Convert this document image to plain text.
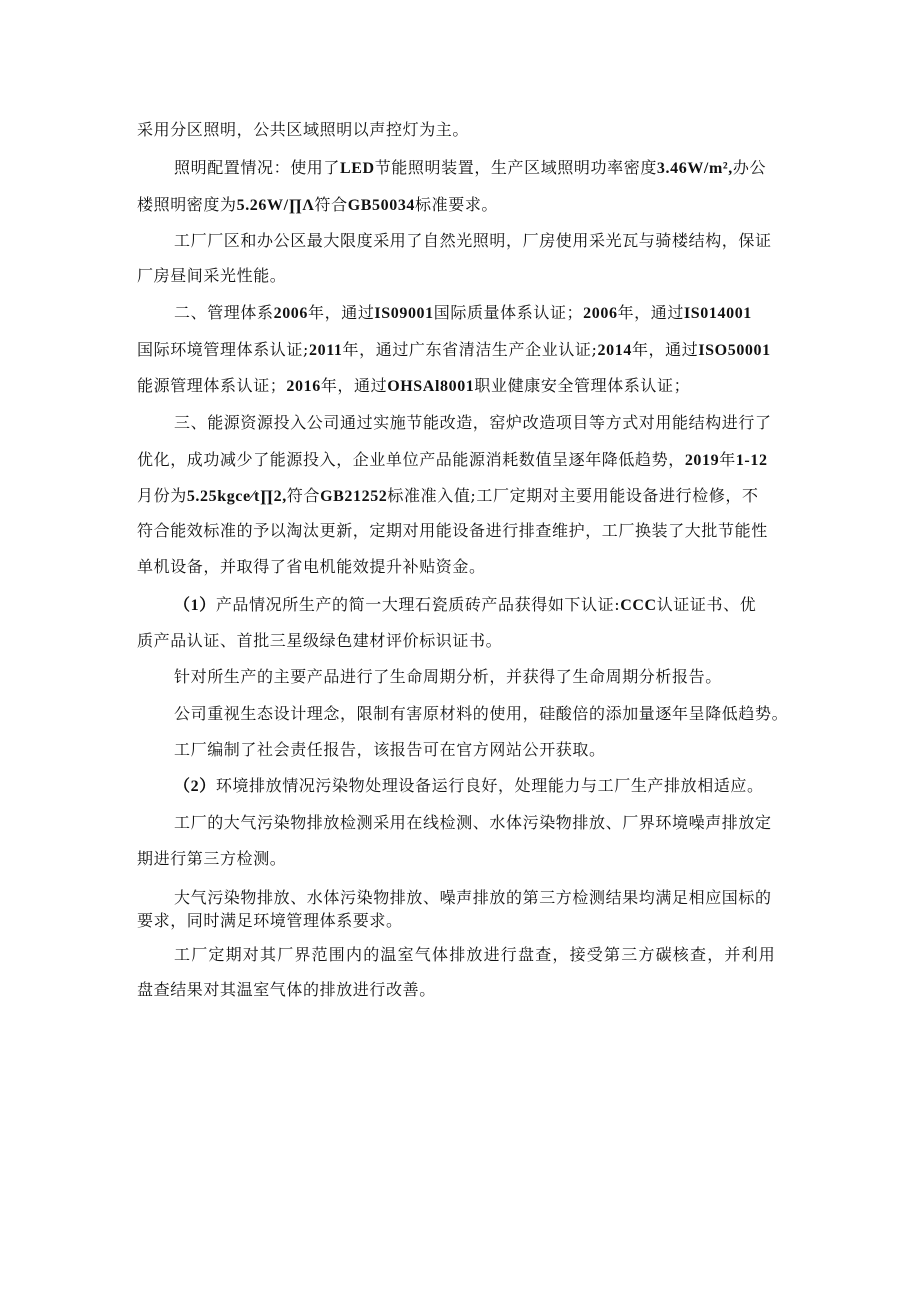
采用分区照明，公共区域照明以声控灯为主。

照明配置情况：使用了LED节能照明装置，生产区域照明功率密度3.46W/m²,办公

楼照明密度为5.26W/∏Λ符合GB50034标准要求。

工厂厂区和办公区最大限度采用了自然光照明，厂房使用采光瓦与骑楼结构，保证

厂房昼间采光性能。

二、管理体系2006年，通过IS09001国际质量体系认证；2006年，通过IS014001

国际环境管理体系认证;2011年，通过广东省清洁生产企业认证;2014年，通过ISO50001

能源管理体系认证；2016年，通过OHSAl8001职业健康安全管理体系认证；

三、能源资源投入公司通过实施节能改造，窑炉改造项目等方式对用能结构进行了

优化，成功减少了能源投入，企业单位产品能源消耗数值呈逐年降低趋势，2019年1-12

月份为5.25kgce∕t∏2,符合GB21252标准准入值;工厂定期对主要用能设备进行检修，不

符合能效标准的予以淘汰更新，定期对用能设备进行排查维护，工厂换装了大批节能性

单机设备，并取得了省电机能效提升补贴资金。

（1）产品情况所生产的简一大理石瓷质砖产品获得如下认证:CCC认证证书、优

质产品认证、首批三星级绿色建材评价标识证书。

针对所生产的主要产品进行了生命周期分析，并获得了生命周期分析报告。

公司重视生态设计理念，限制有害原材料的使用，硅酸倍的添加量逐年呈降低趋势。

工厂编制了社会责任报告，该报告可在官方网站公开获取。

（2）环境排放情况污染物处理设备运行良好，处理能力与工厂生产排放相适应。

工厂的大气污染物排放检测采用在线检测、水体污染物排放、厂界环境噪声排放定

期进行第三方检测。

大气污染物排放、水体污染物排放、噪声排放的第三方检测结果均满足相应国标的

要求，同时满足环境管理体系要求。

工厂定期对其厂界范围内的温室气体排放进行盘查，接受第三方碳核查，并利用

盘查结果对其温室气体的排放进行改善。
